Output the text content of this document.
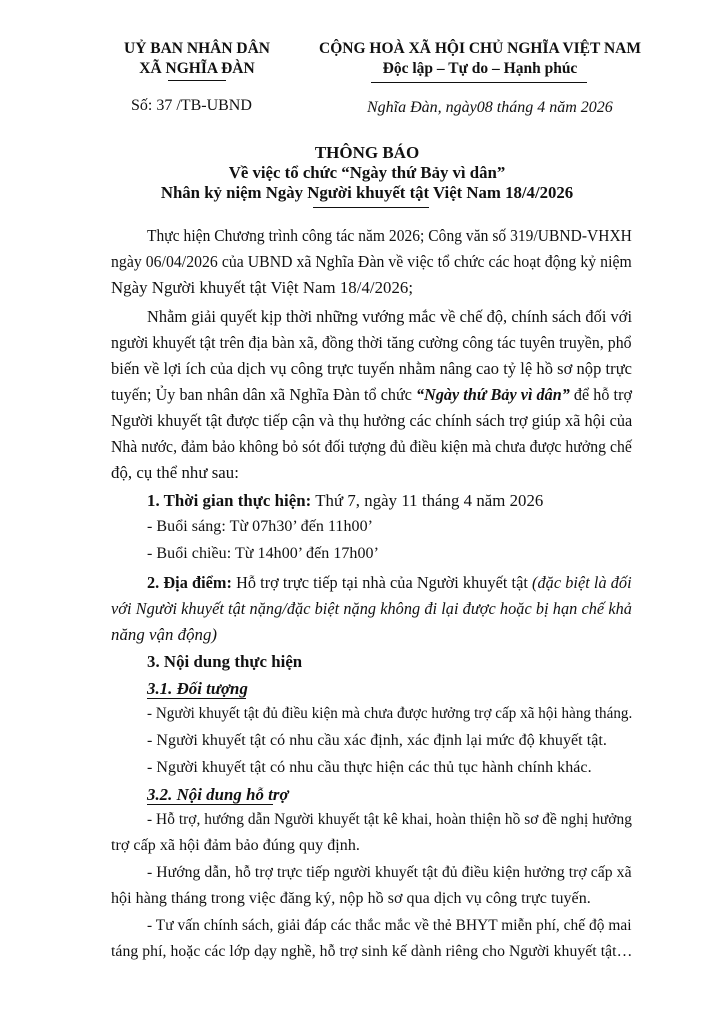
UỶ BAN NHÂN DÂN
XÃ NGHĨA ĐÀN
CỘNG HOÀ XÃ HỘI CHỦ NGHĨA VIỆT NAM
Độc lập – Tự do – Hạnh phúc
Số: 37 /TB-UBND	Nghĩa Đàn, ngày08 tháng 4 năm 2026
THÔNG BÁO
Về việc tổ chức “Ngày thứ Bảy vì dân”
Nhân kỷ niệm Ngày Người khuyết tật Việt Nam 18/4/2026
Thực hiện Chương trình công tác năm 2026; Công văn số 319/UBND-VHXH
ngày 06/04/2026 của UBND xã Nghĩa Đàn về việc tổ chức các hoạt động kỷ niệm
Ngày Người khuyết tật Việt Nam 18/4/2026;
Nhằm giải quyết kịp thời những vướng mắc về chế độ, chính sách đối với
người khuyết tật trên địa bàn xã, đồng thời tăng cường công tác tuyên truyền, phổ
biến về lợi ích của dịch vụ công trực tuyến nhằm nâng cao tỷ lệ hồ sơ nộp trực
tuyến; Ủy ban nhân dân xã Nghĩa Đàn tổ chức “Ngày thứ Bảy vì dân” để hỗ trợ
Người khuyết tật được tiếp cận và thụ hưởng các chính sách trợ giúp xã hội của
Nhà nước, đảm bảo không bỏ sót đối tượng đủ điều kiện mà chưa được hưởng chế
độ, cụ thể như sau:
1. Thời gian thực hiện: Thứ 7, ngày 11 tháng 4 năm 2026
- Buổi sáng: Từ 07h30’ đến 11h00’
- Buổi chiều: Từ 14h00’ đến 17h00’
2. Địa điểm: Hỗ trợ trực tiếp tại nhà của Người khuyết tật (đặc biệt là đối
với Người khuyết tật nặng/đặc biệt nặng không đi lại được hoặc bị hạn chế khả
năng vận động)
3. Nội dung thực hiện
3.1. Đối tượng
- Người khuyết tật đủ điều kiện mà chưa được hưởng trợ cấp xã hội hàng tháng.
- Người khuyết tật có nhu cầu xác định, xác định lại mức độ khuyết tật.
- Người khuyết tật có nhu cầu thực hiện các thủ tục hành chính khác.
3.2. Nội dung hỗ trợ
- Hỗ trợ, hướng dẫn Người khuyết tật kê khai, hoàn thiện hồ sơ đề nghị hưởng
trợ cấp xã hội đảm bảo đúng quy định.
- Hướng dẫn, hỗ trợ trực tiếp người khuyết tật đủ điều kiện hưởng trợ cấp xã
hội hàng tháng trong việc đăng ký, nộp hồ sơ qua dịch vụ công trực tuyến.
- Tư vấn chính sách, giải đáp các thắc mắc về thẻ BHYT miễn phí, chế độ mai
táng phí, hoặc các lớp dạy nghề, hỗ trợ sinh kế dành riêng cho Người khuyết tật…
